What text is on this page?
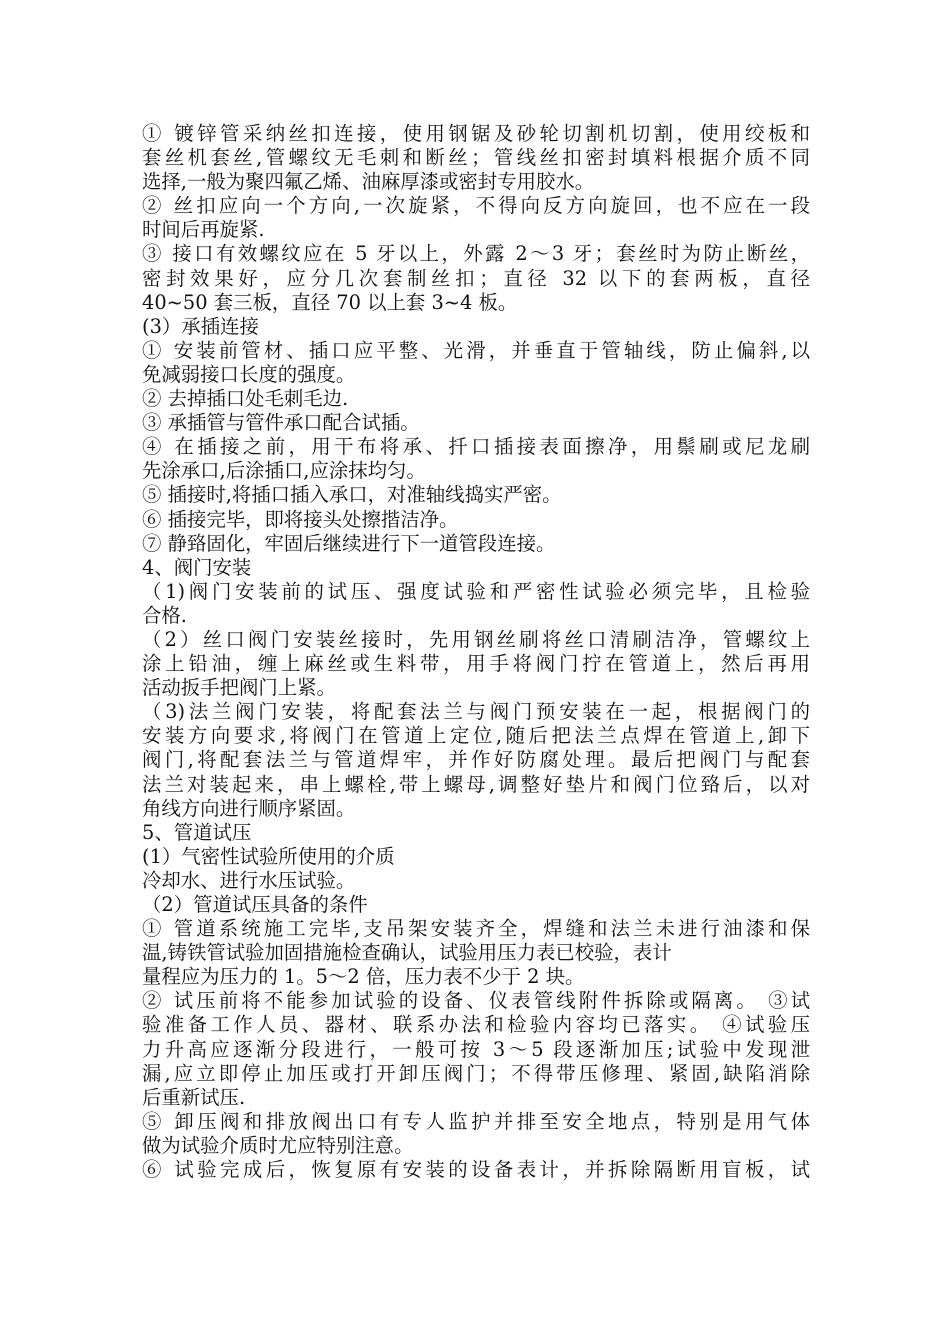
① 镀锌管采纳丝扣连接，使用钢锯及砂轮切割机切割，使用绞板和
套丝机套丝,管螺纹无毛刺和断丝；管线丝扣密封填料根据介质不同
选择,一般为聚四氟乙烯、油麻厚漆或密封专用胶水。
② 丝扣应向一个方向,一次旋紧，不得向反方向旋回，也不应在一段
时间后再旋紧.
③ 接口有效螺纹应在 5 牙以上，外露 2～3 牙；套丝时为防止断丝，
密封效果好，应分几次套制丝扣；直径 32 以下的套两板，直径
40~50 套三板，直径 70 以上套 3~4 板。
(3）承插连接
① 安装前管材、插口应平整、光滑，并垂直于管轴线，防止偏斜,以
免减弱接口长度的强度。
② 去掉插口处毛刺毛边.
③ 承插管与管件承口配合试插。
④ 在插接之前，用干布将承、扦口插接表面擦净，用鬃刷或尼龙刷
先涂承口,后涂插口,应涂抹均匀。
⑤ 插接时,将插口插入承口，对准轴线捣实严密。
⑥ 插接完毕，即将接头处擦揩洁净。
⑦ 静臵固化，牢固后继续进行下一道管段连接。
4、阀门安装
（1)阀门安装前的试压、强度试验和严密性试验必须完毕，且检验
合格.
（2）丝口阀门安装丝接时，先用钢丝刷将丝口清刷洁净，管螺纹上
涂上铅油，缠上麻丝或生料带，用手将阀门拧在管道上，然后再用
活动扳手把阀门上紧。
（3)法兰阀门安装，将配套法兰与阀门预安装在一起，根据阀门的
安装方向要求,将阀门在管道上定位,随后把法兰点焊在管道上,卸下
阀门,将配套法兰与管道焊牢，并作好防腐处理。最后把阀门与配套
法兰对装起来，串上螺栓,带上螺母,调整好垫片和阀门位臵后，以对
角线方向进行顺序紧固。
5、管道试压
(1）气密性试验所使用的介质
冷却水、进行水压试验。
（2）管道试压具备的条件
① 管道系统施工完毕,支吊架安装齐全，焊缝和法兰未进行油漆和保
温,铸铁管试验加固措施检查确认，试验用压力表已校验，表计
量程应为压力的 1。5～2 倍，压力表不少于 2 块。
② 试压前将不能参加试验的设备、仪表管线附件拆除或隔离。 ③试
验准备工作人员、器材、联系办法和检验内容均已落实。 ④试验压
力升高应逐渐分段进行，一般可按 3～5 段逐渐加压;试验中发现泄
漏,应立即停止加压或打开卸压阀门；不得带压修理、紧固,缺陷消除
后重新试压.
⑤ 卸压阀和排放阀出口有专人监护并排至安全地点，特别是用气体
做为试验介质时尤应特别注意。
⑥ 试验完成后，恢复原有安装的设备表计，并拆除隔断用盲板，试
